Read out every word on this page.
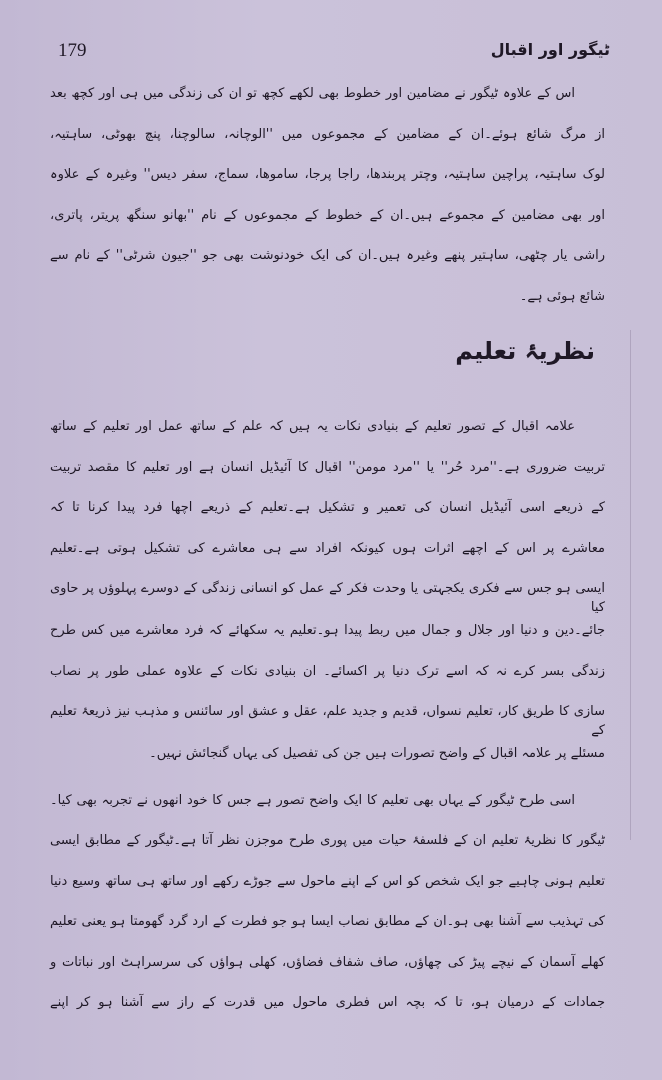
ٹیگور اور اقبال
179
اس کے علاوہ ٹیگور نے مضامین اور خطوط بھی لکھے کچھ تو ان کی زندگی میں ہی اور کچھ بعد
از مرگ شائع ہوئے۔ان کے مضامین کے مجموعوں میں ''الوچانہ، سالوچنا، پنچ بھوٹی، ساہتیہ،
لوک ساہتیہ، پراچین ساہتیہ، وچتر پربندھا، راجا پرجا، ساموھا، سماج، سفر دیس'' وغیرہ کے علاوہ
اور بھی مضامین کے مجموعے ہیں۔ان کے خطوط کے مجموعوں کے نام ''بھانو سنگھ پریتر، پاتری،
راشی یار چٹھی، ساہتیر پنھے وغیرہ ہیں۔ان کی ایک خودنوشت بھی جو ''جیون شرٹی'' کے نام سے
شائع ہوئی ہے۔
نظریۂ تعلیم
علامہ اقبال کے تصور تعلیم کے بنیادی نکات یہ ہیں کہ علم کے ساتھ عمل اور تعلیم کے ساتھ
تربیت ضروری ہے۔''مرد حُر'' یا ''مرد مومن'' اقبال کا آئیڈیل انسان ہے اور تعلیم کا مقصد تربیت
کے ذریعے اسی آئیڈیل انسان کی تعمیر و تشکیل ہے۔تعلیم کے ذریعے اچھا فرد پیدا کرنا تا کہ
معاشرے پر اس کے اچھے اثرات ہوں کیونکہ افراد سے ہی معاشرے کی تشکیل ہوتی ہے۔تعلیم
ایسی ہو جس سے فکری یکجہتی یا وحدت فکر کے عمل کو انسانی زندگی کے دوسرے پہلوؤں پر حاوی کیا
جائے۔دین و دنیا اور جلال و جمال میں ربط پیدا ہو۔تعلیم یہ سکھائے کہ فرد معاشرے میں کس طرح
زندگی بسر کرے نہ کہ اسے ترک دنیا پر اکسائے۔ ان بنیادی نکات کے علاوہ عملی طور پر نصاب
سازی کا طریق کار، تعلیم نسواں، قدیم و جدید علم، عقل و عشق اور سائنس و مذہب نیز ذریعۂ تعلیم کے
مسئلے پر علامہ اقبال کے واضح تصورات ہیں جن کی تفصیل کی یہاں گنجائش نہیں۔
اسی طرح ٹیگور کے یہاں بھی تعلیم کا ایک واضح تصور ہے جس کا خود انھوں نے تجربہ بھی کیا۔
ٹیگور کا نظریۂ تعلیم ان کے فلسفۂ حیات میں پوری طرح موجزن نظر آتا ہے۔ٹیگور کے مطابق ایسی
تعلیم ہونی چاہیے جو ایک شخص کو اس کے اپنے ماحول سے جوڑے رکھے اور ساتھ ہی ساتھ وسیع دنیا
کی تہذیب سے آشنا بھی ہو۔ان کے مطابق نصاب ایسا ہو جو فطرت کے ارد گرد گھومتا ہو یعنی تعلیم
کھلے آسمان کے نیچے پیڑ کی چھاؤں، صاف شفاف فضاؤں، کھلی ہواؤں کی سرسراہٹ اور نباتات و
جمادات کے درمیان ہو، تا کہ بچہ اس فطری ماحول میں قدرت کے راز سے آشنا ہو کر اپنے
